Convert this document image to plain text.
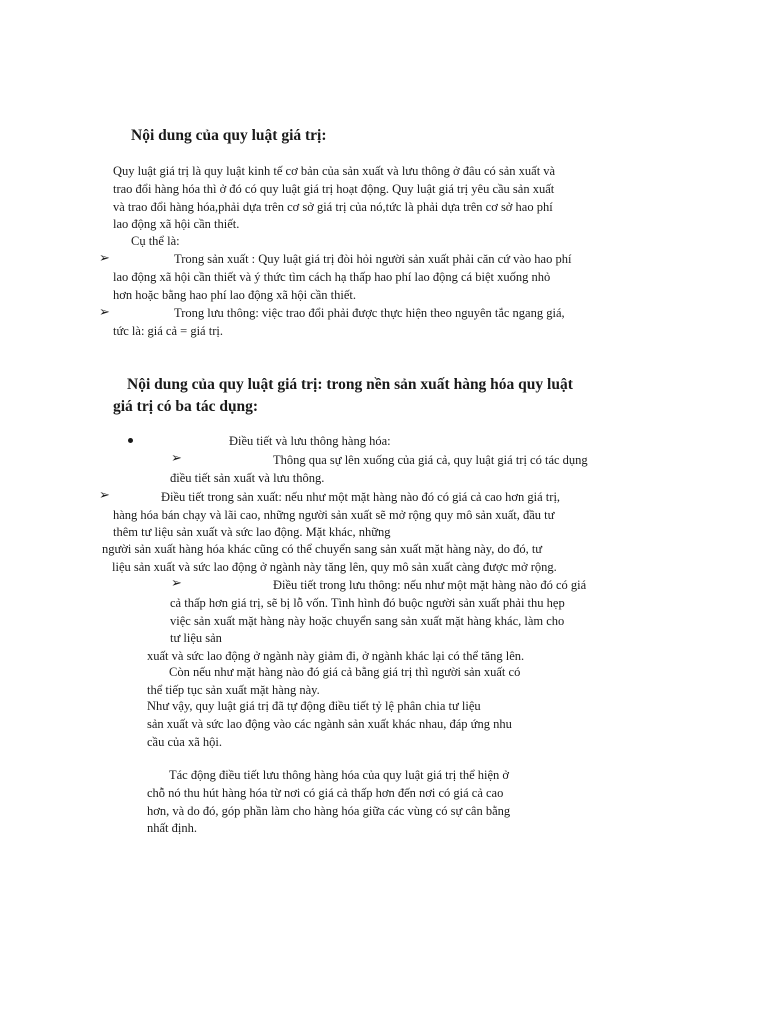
Nội dung của quy luật giá trị:
Quy luật giá trị là quy luật kinh tế cơ bản của sản xuất và lưu thông ở đâu có sản xuất và
trao đổi hàng hóa thì ở đó có quy luật giá trị hoạt động. Quy luật giá trị yêu cầu sản xuất
và trao đổi hàng hóa,phải dựa trên cơ sở giá trị của nó,tức là phải dựa trên cơ sở hao phí
lao động xã hội cần thiết.
Cụ thể là:
➢	Trong sản xuất : Quy luật giá trị đòi hỏi người sản xuất phải căn cứ vào hao phí
lao động xã hội cần thiết và ý thức tìm cách hạ thấp hao phí lao động cá biệt xuống nhỏ
hơn hoặc bằng hao phí lao động xã hội cần thiết.
➢	Trong lưu thông: việc trao đổi phải được thực hiện theo nguyên tắc ngang giá,
tức là: giá cả = giá trị.
Nội dung của quy luật giá trị: trong nền sản xuất hàng hóa quy luật
giá trị có ba tác dụng:
Điều tiết và lưu thông hàng hóa:
➢	Thông qua sự lên xuống của giá cả, quy luật giá trị có tác dụng
điều tiết sản xuất và lưu thông.
➢	Điều tiết trong sản xuất: nếu như một mặt hàng nào đó có giá cả cao hơn giá trị,
hàng hóa bán chạy và lãi cao, những người sản xuất sẽ mở rộng quy mô sản xuất, đầu tư
thêm tư liệu sản xuất và sức lao động. Mặt khác, những
người sản xuất hàng hóa khác cũng có thể chuyển sang sản xuất mặt hàng này, do đó, tư
liệu sản xuất và sức lao động ở ngành này tăng lên, quy mô sản xuất càng được mở rộng.
➢	Điều tiết trong lưu thông: nếu như một mặt hàng nào đó có giá
cả thấp hơn giá trị, sẽ bị lỗ vốn. Tình hình đó buộc người sản xuất phải thu hẹp
việc sản xuất mặt hàng này hoặc chuyển sang sản xuất mặt hàng khác, làm cho
tư liệu sản
xuất và sức lao động ở ngành này giảm đi, ở ngành khác lại có thể tăng lên.
Còn nếu như mặt hàng nào đó giá cả bằng giá trị thì người sản xuất có
thể tiếp tục sản xuất mặt hàng này.
Như vậy, quy luật giá trị đã tự động điều tiết tỷ lệ phân chia tư liệu
sản xuất và sức lao động vào các ngành sản xuất khác nhau, đáp ứng nhu
cầu của xã hội.
Tác động điều tiết lưu thông hàng hóa của quy luật giá trị thể hiện ở
chỗ nó thu hút hàng hóa từ nơi có giá cả thấp hơn đến nơi có giá cả cao
hơn, và do đó, góp phần làm cho hàng hóa giữa các vùng có sự cân bằng
nhất định.
